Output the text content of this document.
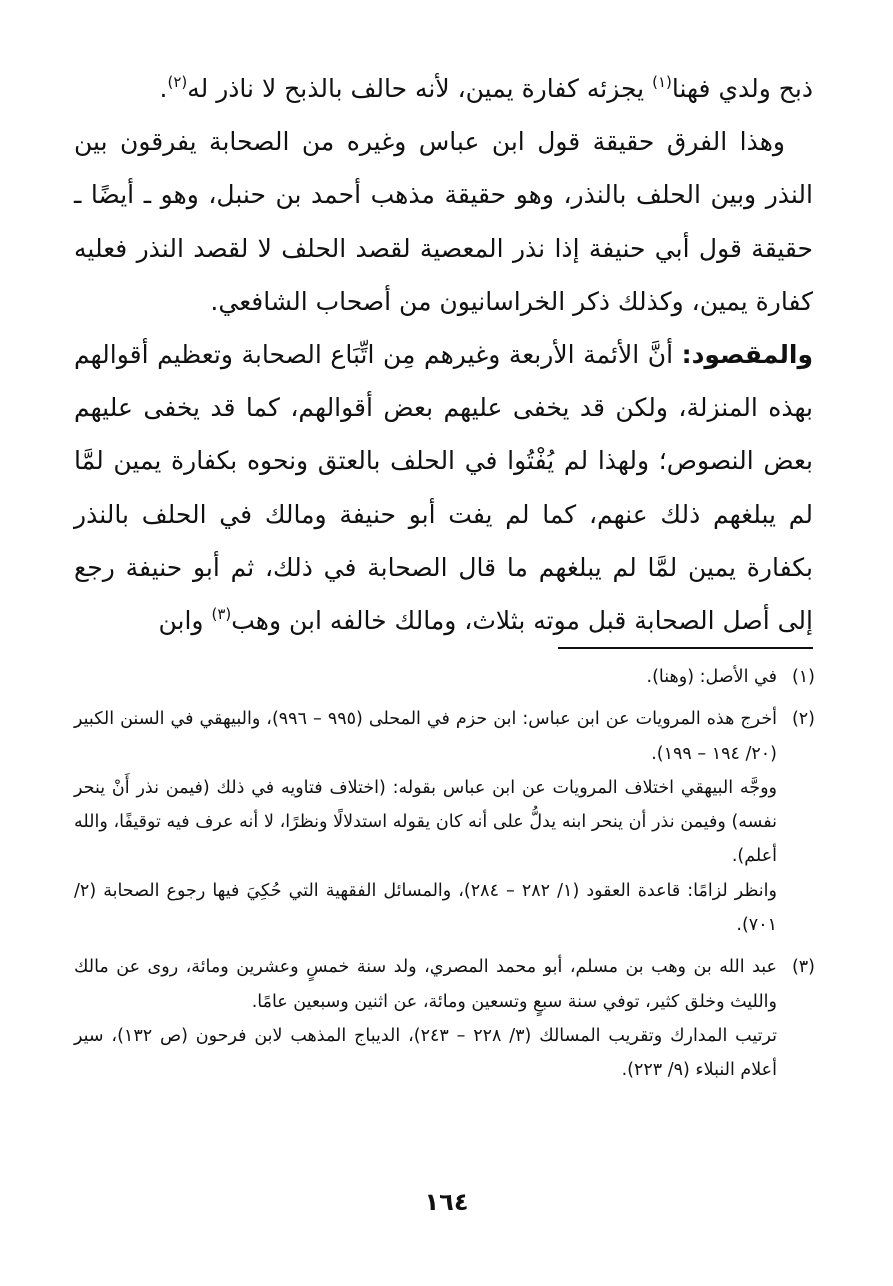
ذبح ولدي فهنا$^{(١)}$ يجزئه كفارة يمين، لأنه حالف بالذبح لا ناذر له$^{(٢)}$.

وهذا الفرق حقيقة قول ابن عباس وغيره من الصحابة يفرقون بين النذر وبين الحلف بالنذر، وهو حقيقة مذهب أحمد بن حنبل، وهو ـ أيضًا ـ حقيقة قول أبي حنيفة إذا نذر المعصية لقصد الحلف لا لقصد النذر فعليه كفارة يمين، وكذلك ذكر الخراسانيون من أصحاب الشافعي.

والمقصود: أنَّ الأئمة الأربعة وغيرهم مِن اتِّبَاع الصحابة وتعظيم أقوالهم بهذه المنزلة، ولكن قد يخفى عليهم بعض أقوالهم، كما قد يخفى عليهم بعض النصوص؛ ولهذا لم يُفْتُوا في الحلف بالعتق ونحوه بكفارة يمين لمَّا لم يبلغهم ذلك عنهم، كما لم يفت أبو حنيفة ومالك في الحلف بالنذر بكفارة يمين لمَّا لم يبلغهم ما قال الصحابة في ذلك، ثم أبو حنيفة رجع إلى أصل الصحابة قبل موته بثلاث، ومالك خالفه ابن وهب$^{(٣)}$ وابن

(١)

في الأصل: (وهنا).

(٢)

أخرج هذه المرويات عن ابن عباس: ابن حزم في المحلى (٩٩٥ – ٩٩٦)، والبيهقي في السنن الكبير (٢٠/ ١٩٤ – ١٩٩).

ووجَّه البيهقي اختلاف المرويات عن ابن عباس بقوله: (اختلاف فتاويه في ذلك (فيمن نذر أَنْ ينحر نفسه) وفيمن نذر أن ينحر ابنه يدلُّ على أنه كان يقوله استدلالًا ونظرًا، لا أنه عرف فيه توقيفًا، والله أعلم).

وانظر لزامًا: قاعدة العقود (١/ ٢٨٢ – ٢٨٤)، والمسائل الفقهية التي حُكِيَ فيها رجوع الصحابة (٢/ ٧٠١).

(٣)

عبد الله بن وهب بن مسلم، أبو محمد المصري، ولد سنة خمسٍ وعشرين ومائة، روى عن مالك والليث وخلق كثير، توفي سنة سبعٍ وتسعين ومائة، عن اثنين وسبعين عامًا.

ترتيب المدارك وتقريب المسالك (٣/ ٢٢٨ – ٢٤٣)، الديباج المذهب لابن فرحون (ص ١٣٢)، سير أعلام النبلاء (٩/ ٢٢٣).

١٦٤
